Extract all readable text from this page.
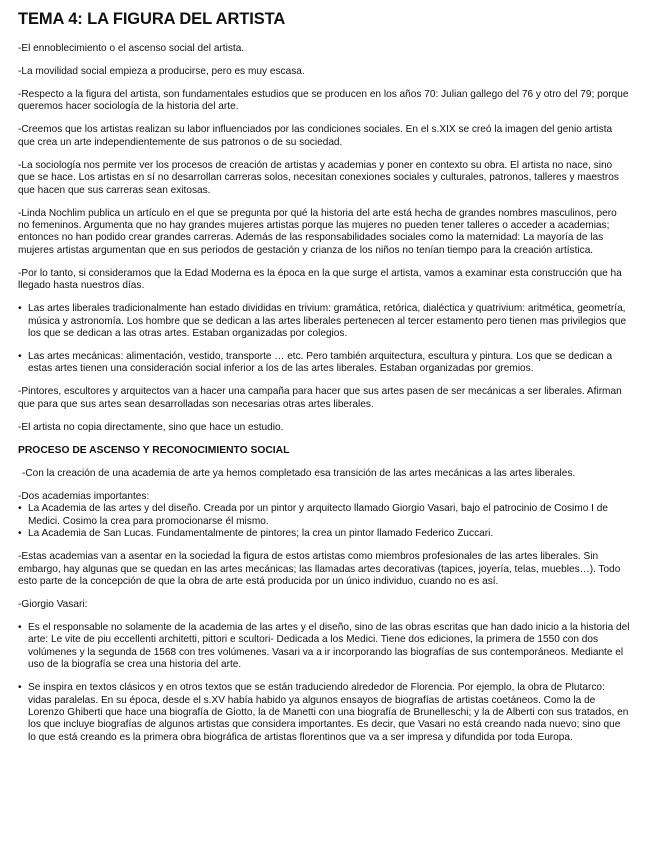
TEMA 4: LA FIGURA DEL ARTISTA

-El ennoblecimiento o el ascenso social del artista.

-La movilidad social empieza a producirse, pero es muy escasa.

-Respecto a la figura del artista, son fundamentales estudios que se producen en los años 70: Julian gallego del 76 y otro del 79; porque queremos hacer sociología de la historia del arte.

-Creemos que los artistas realizan su labor influenciados por las condiciones sociales. En el s.XIX se creó la imagen del genio artista que crea un arte independientemente de sus patronos o de su sociedad.

-La sociología nos permite ver los procesos de creación de artistas y academias y poner en contexto su obra. El artista no nace, sino que se hace. Los artistas en sí no desarrollan carreras solos, necesitan conexiones sociales y culturales, patronos, talleres y maestros que hacen que sus carreras sean exitosas.

-Linda Nochlim publica un artículo en el que se pregunta por qué la historia del arte está hecha de grandes nombres masculinos, pero no femeninos. Argumenta que no hay grandes mujeres artistas porque las mujeres no pueden tener talleres o acceder a academias; entonces no han podido crear grandes carreras. Además de las responsabilidades sociales como la maternidad: La mayoría de las mujeres artistas argumentan que en sus periodos de gestación y crianza de los niños no tenían tiempo para la creación artística.

-Por lo tanto, si consideramos que la Edad Moderna es la época en la que surge el artista, vamos a examinar esta construcción que ha llegado hasta nuestros días.

• Las artes liberales tradicionalmente han estado divididas en trivium: gramática, retórica, dialéctica y quatrivium: aritmética, geometría, música y astronomía. Los hombre que se dedican a las artes liberales pertenecen al tercer estamento pero tienen mas privilegios que los que se dedican a las otras artes. Estaban organizadas por colegios.
• Las artes mecánicas: alimentación, vestido, transporte … etc. Pero también arquitectura, escultura y pintura. Los que se dedican a estas artes tienen una consideración social inferior a los de las artes liberales. Estaban organizadas por gremios.

-Pintores, escultores y arquitectos van a hacer una campaña para hacer que sus artes pasen de ser mecánicas a ser liberales. Afirman que para que sus artes sean desarrolladas son necesarias otras artes liberales.

-El artista no copia directamente, sino que hace un estudio.

PROCESO DE ASCENSO Y RECONOCIMIENTO SOCIAL

-Con la creación de una academia de arte ya hemos completado esa transición de las artes mecánicas a las artes liberales.

-Dos academias importantes:

• La Academia de las artes y del diseño. Creada por un pintor y arquitecto llamado Giorgio Vasari, bajo el patrocinio de Cosimo I de Medici. Cosimo la crea para promocionarse él mismo.
• La Academia de San Lucas. Fundamentalmente de pintores; la crea un pintor llamado Federico Zuccari.

-Estas academias van a asentar en la sociedad la figura de estos artistas como miembros profesionales de las artes liberales. Sin embargo, hay algunas que se quedan en las artes mecánicas; las llamadas artes decorativas (tapices, joyería, telas, muebles…). Todo esto parte de la concepción de que la obra de arte está producida por un único individuo, cuando no es así.

-Giorgio Vasari:

• Es el responsable no solamente de la academia de las artes y el diseño, sino de las obras escritas que han dado inicio a la historia del arte: Le vite de piu eccellenti architetti, pittori e scultori- Dedicada a los Medici. Tiene dos ediciones, la primera de 1550 con dos volúmenes y la segunda de 1568 con tres volúmenes. Vasari va a ir incorporando las biografías de sus contemporáneos. Mediante el uso de la biografía se crea una historia del arte.
• Se inspira en textos clásicos y en otros textos que se están traduciendo alrededor de Florencia. Por ejemplo, la obra de Plutarco: vidas paralelas. En su época, desde el s.XV había habido ya algunos ensayos de biografías de artistas coetáneos. Como la de Lorenzo Ghiberti que hace una biografía de Giotto, la de Manetti con una biografía de Brunelleschi; y la de Alberti con sus tratados, en los que incluye biografías de algunos artistas que considera importantes. Es decir, que Vasari no está creando nada nuevo; sino que lo que está creando es la primera obra biográfica de artistas florentinos que va a ser impresa y difundida por toda Europa.
